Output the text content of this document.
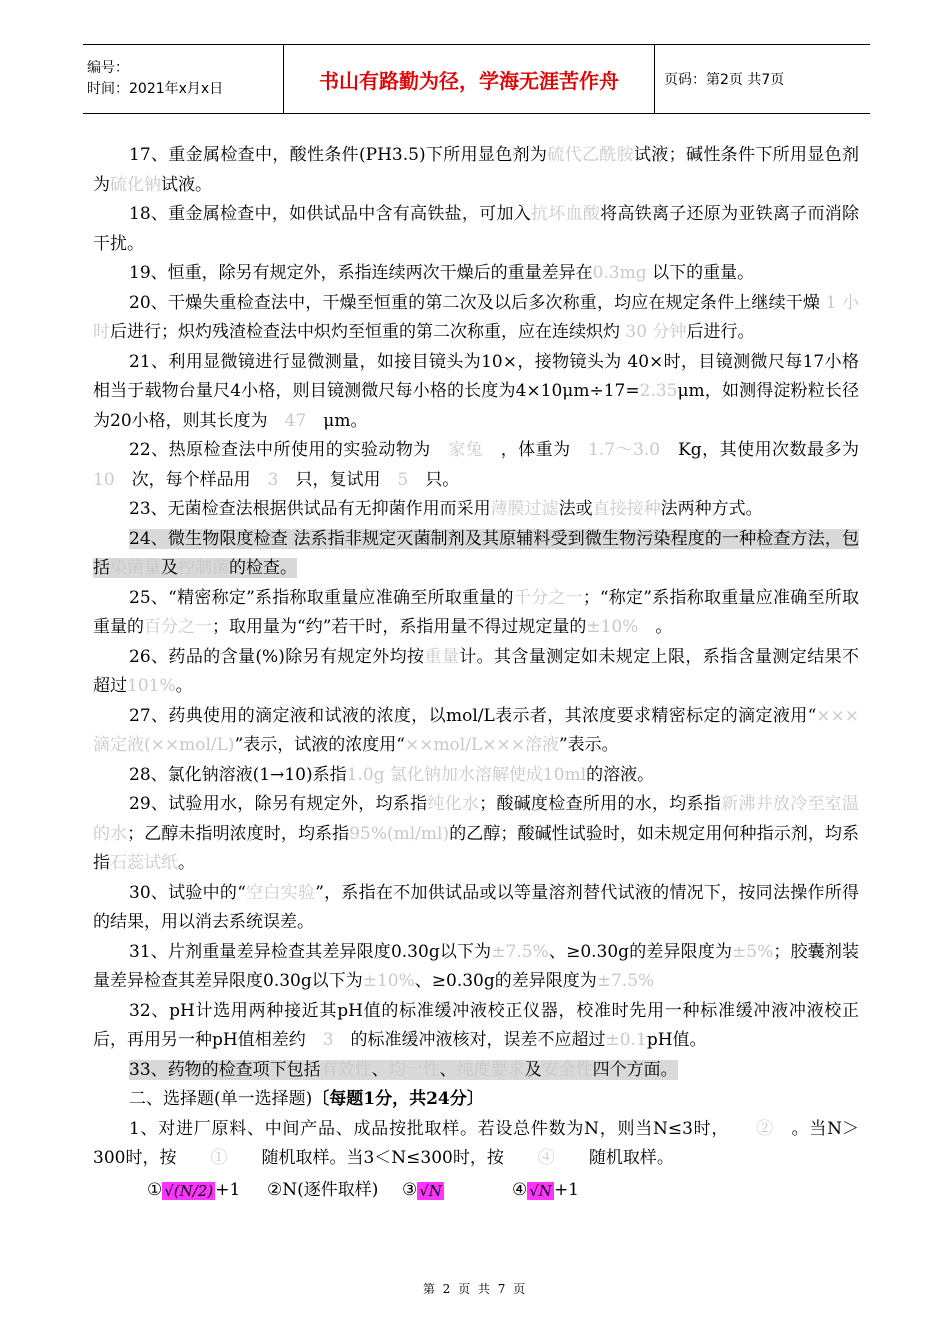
编号：
时间：2021年x月x日	书山有路勤为径，学海无涯苦作舟	页码：第2页 共7页

17、重金属检查中，酸性条件(PH3.5)下所用显色剂为硫代乙酰胺试液；碱性条件下所用显色剂为硫化钠试液。

18、重金属检查中，如供试品中含有高铁盐，可加入抗坏血酸将高铁离子还原为亚铁离子而消除干扰。

19、恒重，除另有规定外，系指连续两次干燥后的重量差异在0.3mg 以下的重量。

20、干燥失重检查法中，干燥至恒重的第二次及以后多次称重，均应在规定条件上继续干燥 1 小时后进行；炽灼残渣检查法中炽灼至恒重的第二次称重，应在连续炽灼 30 分钟后进行。

21、利用显微镜进行显微测量，如接目镜头为10×，接物镜头为 40×时，目镜测微尺每17小格相当于载物台量尺4小格，则目镜测微尺每小格的长度为4×10μm÷17=2.35μm，如测得淀粉粒长径为20小格，则其长度为　47　μm。

22、热原检查法中所使用的实验动物为　家兔　，体重为　1.7～3.0　Kg，其使用次数最多为　10　次，每个样品用　3　只，复试用　5　只。

23、无菌检查法根据供试品有无抑菌作用而采用薄膜过滤法或直接接种法两种方式。

24、微生物限度检查 法系指非规定灭菌制剂及其原辅料受到微生物污染程度的一种检查方法，包括染菌量及控制菌的检查。

25、“精密称定”系指称取重量应准确至所取重量的千分之一；“称定”系指称取重量应准确至所取重量的百分之一；取用量为“约”若干时，系指用量不得过规定量的±10%　。

26、药品的含量(%)除另有规定外均按重量计。其含量测定如未规定上限，系指含量测定结果不超过101%。

27、药典使用的滴定液和试液的浓度，以mol/L表示者，其浓度要求精密标定的滴定液用“×××滴定液(××mol/L)”表示，试液的浓度用“××mol/L×××溶液”表示。

28、氯化钠溶液(1→10)系指1.0g 氯化钠加水溶解使成10ml的溶液。

29、试验用水，除另有规定外，均系指纯化水；酸碱度检查所用的水，均系指新沸并放冷至室温的水；乙醇未指明浓度时，均系指95%(ml/ml)的乙醇；酸碱性试验时，如未规定用何种指示剂，均系指石蕊试纸。

30、试验中的“空白实验”，系指在不加供试品或以等量溶剂替代试液的情况下，按同法操作所得的结果，用以消去系统误差。

31、片剂重量差异检查其差异限度0.30g以下为±7.5%、≥0.30g的差异限度为±5%；胶囊剂装量差异检查其差异限度0.30g以下为±10%、≥0.30g的差异限度为±7.5%

32、pH计选用两种接近其pH值的标准缓冲液校正仪器，校准时先用一种标准缓冲液冲液校正后，再用另一种pH值相差约　3　的标准缓冲液核对，误差不应超过±0.1pH值。

33、药物的检查项下包括有效性、均一性、纯度要求及安全性四个方面。

二、选择题(单一选择题)〔每题1分，共24分〕

1、对进厂原料、中间产品、成品按批取样。若设总件数为N，则当N≤3时，　　②　。当N＞300时，按　　①　　随机取样。当3＜N≤300时，按　　④　　随机取样。

① √(N/2) +1 ② N(逐件取样) ③ √N	④ √N +1
第 2 页 共 7 页
